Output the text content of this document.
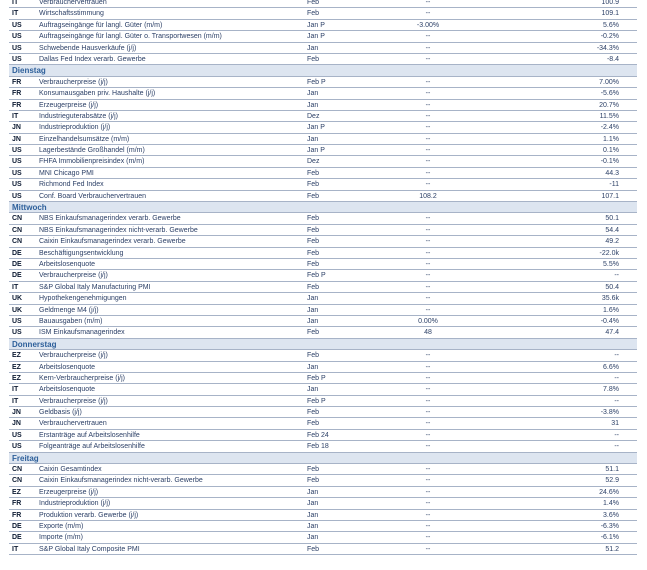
IT	Verbrauchervertrauen	Feb	--	100.9
IT	Wirtschaftsstimmung	Feb	--	109.1
US Auftragseingänge für langl. Güter (m/m)	Jan P	-3.00%	5.6%
US Auftragseingänge für langl. Güter o. Transportwesen (m/m)	Jan P	--	-0.2%
US Schwebende Hausverkäufe (j/j)	Jan	--	-34.3%
US Dallas Fed Index verarb. Gewerbe	Feb	--	-8.4
Dienstag
FR	Verbraucherpreise (j/j)	Feb P	--	7.00%
FR	Konsumausgaben priv. Haushalte (j/j)	Jan	--	-5.6%
FR	Erzeugerpreise (j/j)	Jan	--	20.7%
IT	Industrieguterabsätze (j/j)	Dez	--	11.5%
JN	Industrieproduktion (j/j)	Jan P	--	-2.4%
JN	Einzelhandelsumsätze (m/m)	Jan	--	1.1%
US Lagerbestände Großhandel (m/m)	Jan P	--	0.1%
US FHFA Immobilienpreisindex (m/m)	Dez	--	-0.1%
US MNI Chicago PMI	Feb	--	44.3
US Richmond Fed Index	Feb	--	-11
US Conf. Board Verbrauchervertrauen	Feb	108.2	107.1
Mittwoch
CN NBS Einkaufsmanagerindex verarb. Gewerbe	Feb	--	50.1
CN NBS Einkaufsmanagerindex nicht-verarb. Gewerbe	Feb	--	54.4
CN Caixin Einkaufsmanagerindex verarb. Gewerbe	Feb	--	49.2
DE Beschäftigungsentwicklung	Feb	--	-22.0k
DE Arbeitslosenquote	Feb	--	5.5%
DE Verbraucherpreise (j/j)	Feb P	--	--
IT	S&P Global Italy Manufacturing PMI	Feb	--	50.4
UK Hypothekengenehmigungen	Jan	--	35.6k
UK Geldmenge M4 (j/j)	Jan	--	1.6%
US Bauausgaben (m/m)	Jan	0.00%	-0.4%
US ISM Einkaufsmanagerindex	Feb	48	47.4
Donnerstag
EZ	Verbraucherpreise (j/j)	Feb	--	--
EZ	Arbeitslosenquote	Jan	--	6.6%
EZ	Kern-Verbraucherpreise (j/j)	Feb P	--	--
IT	Arbeitslosenquote	Jan	--	7.8%
IT	Verbraucherpreise (j/j)	Feb P	--	--
JN	Geldbasis (j/j)	Feb	--	-3.8%
JN	Verbrauchervertrauen	Feb	--	31
US Erstanträge auf Arbeitslosenhilfe	Feb 24	--	--
US Folgeanträge auf Arbeitslosenhilfe	Feb 18	--	--
Freitag
CN Caixin Gesamtindex	Feb	--	51.1
CN Caixin Einkaufsmanagerindex nicht-verarb. Gewerbe	Feb	--	52.9
EZ	Erzeugerpreise (j/j)	Jan	--	24.6%
FR	Industrieproduktion (j/j)	Jan	--	1.4%
FR	Produktion verarb. Gewerbe (j/j)	Jan	--	3.6%
DE Exporte (m/m)	Jan	--	-6.3%
DE Importe (m/m)	Jan	--	-6.1%
IT	S&P Global Italy Composite PMI	Feb	--	51.2
